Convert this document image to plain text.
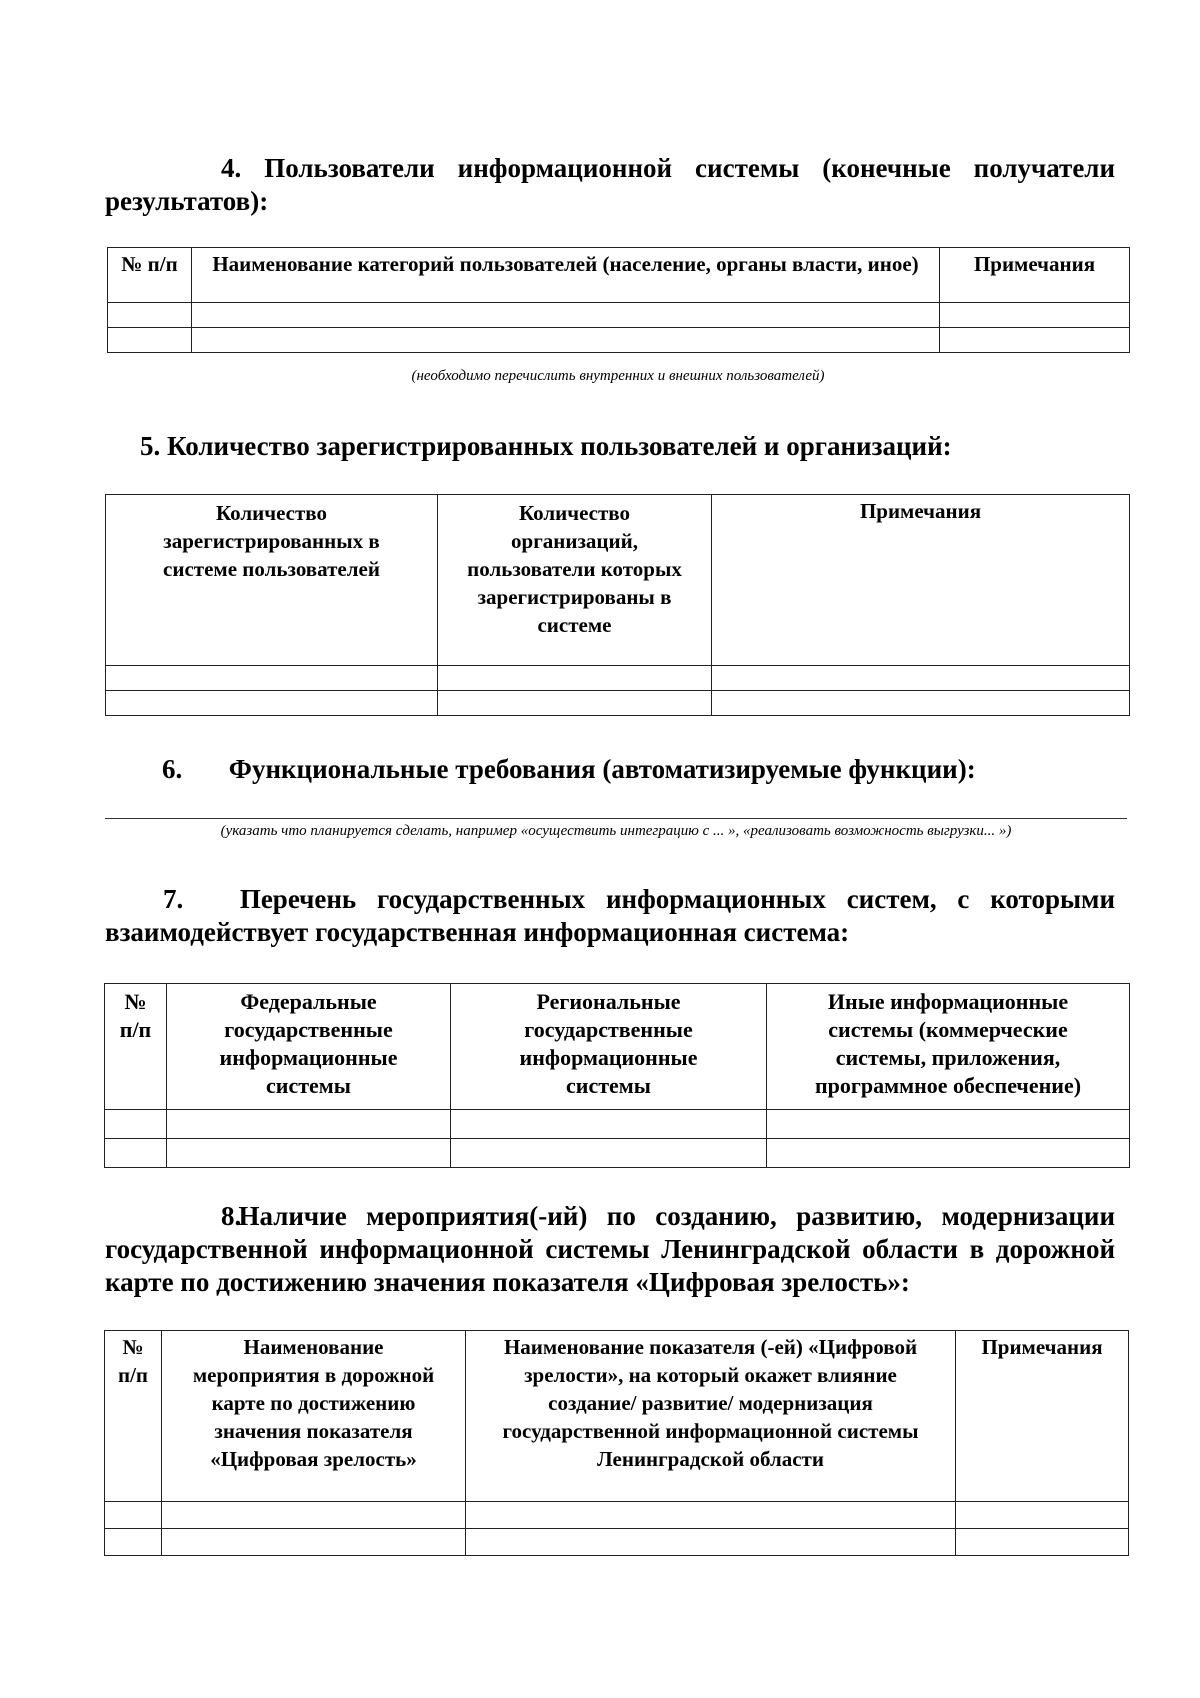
4. Пользователи информационной системы (конечные получатели результатов):
№ п/п	Наименование категорий пользователей (население, органы власти, иное)	Примечания

(необходимо перечислить внутренних и внешних пользователей)
5. Количество зарегистрированных пользователей и организаций:
Количество зарегистрированных в системе пользователей	Количество организаций, пользователи которых зарегистрированы в системе	Примечания

6. Функциональные требования (автоматизируемые функции):
(указать что планируется сделать, например «осуществить интеграцию с ... », «реализовать возможность выгрузки... »)
7. Перечень государственных информационных систем, с которыми взаимодействует государственная информационная система:
№ п/п	Федеральные государственные информационные системы	Региональные государственные информационные системы	Иные информационные системы (коммерческие системы, приложения, программное обеспечение)

8. Наличие мероприятия(-ий) по созданию, развитию, модернизации государственной информационной системы Ленинградской области в дорожной карте по достижению значения показателя «Цифровая зрелость»:
№ п/п	Наименование мероприятия в дорожной карте по достижению значения показателя «Цифровая зрелость»	Наименование показателя (-ей) «Цифровой зрелости», на который окажет влияние создание/ развитие/ модернизация государственной информационной системы Ленинградской области	Примечания
